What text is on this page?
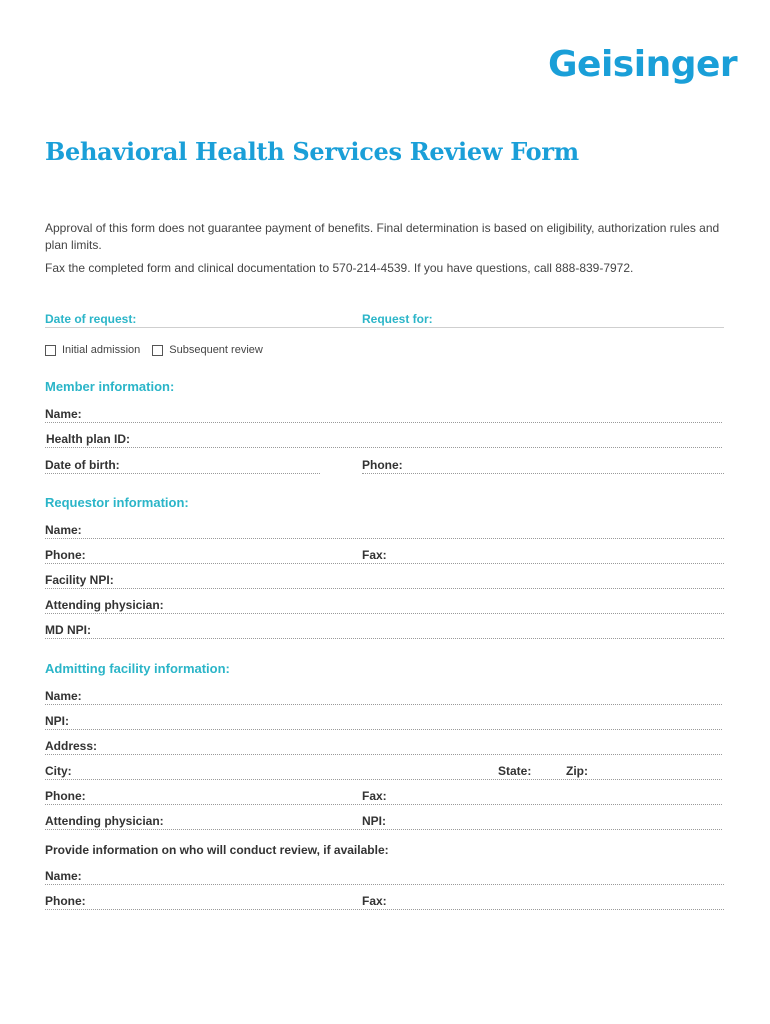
Geisinger
Behavioral Health Services Review Form

Approval of this form does not guarantee payment of benefits. Final determination is based on eligibility, authorization rules and plan limits.

Fax the completed form and clinical documentation to 570-214-4539. If you have questions, call 888-839-7972.

Date of request:	Request for:
Initial admission	Subsequent review
Member information:
Name:
Health plan ID:
Date of birth:	Phone:
Requestor information:
Name:
Phone:	Fax:
Facility NPI:
Attending physician:
MD NPI:
Admitting facility information:
Name:
NPI:
Address:
City:	State:	Zip:
Phone:	Fax:
Attending physician:	NPI:
Provide information on who will conduct review, if available:
Name:
Phone:	Fax:
